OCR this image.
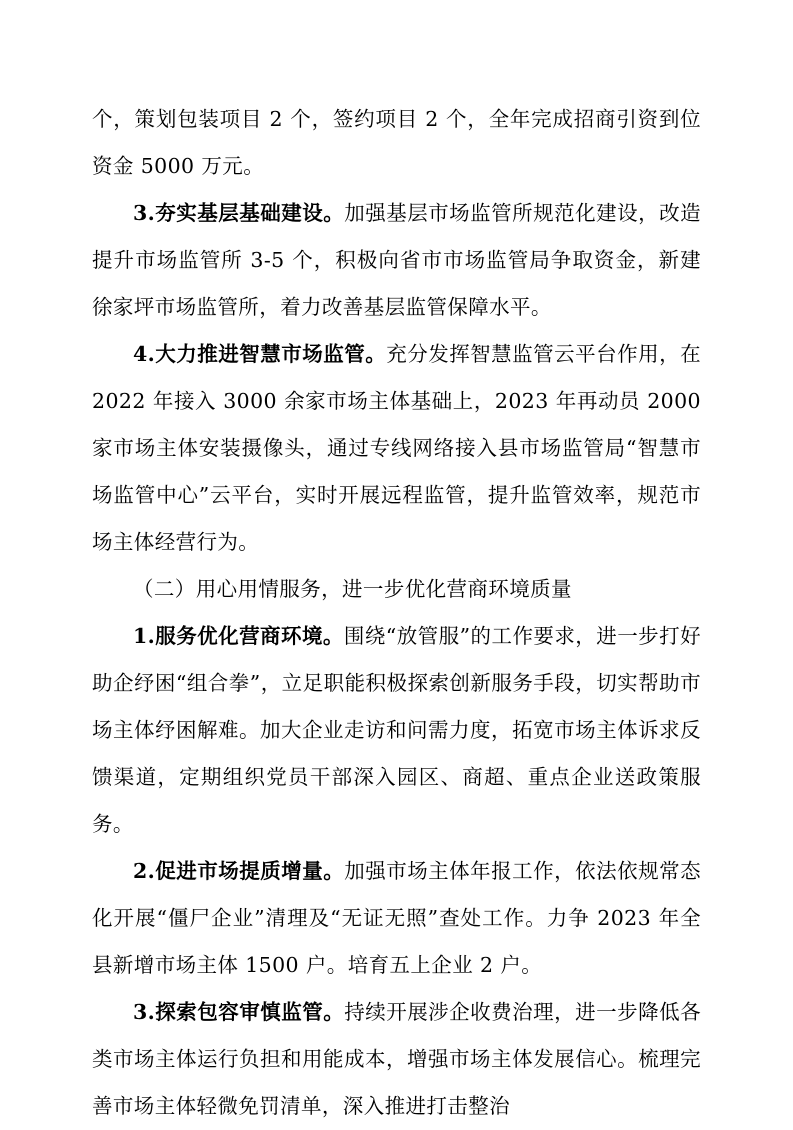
个，策划包装项目 2 个，签约项目 2 个，全年完成招商引资到位资金 5000 万元。

3.夯实基层基础建设。加强基层市场监管所规范化建设，改造提升市场监管所 3-5 个，积极向省市市场监管局争取资金，新建徐家坪市场监管所，着力改善基层监管保障水平。

4.大力推进智慧市场监管。充分发挥智慧监管云平台作用，在 2022 年接入 3000 余家市场主体基础上，2023 年再动员 2000 家市场主体安装摄像头，通过专线网络接入县市场监管局“智慧市场监管中心”云平台，实时开展远程监管，提升监管效率，规范市场主体经营行为。

（二）用心用情服务，进一步优化营商环境质量

1.服务优化营商环境。围绕“放管服”的工作要求，进一步打好助企纾困“组合拳”，立足职能积极探索创新服务手段，切实帮助市场主体纾困解难。加大企业走访和问需力度，拓宽市场主体诉求反馈渠道，定期组织党员干部深入园区、商超、重点企业送政策服务。

2.促进市场提质增量。加强市场主体年报工作，依法依规常态化开展“僵尸企业”清理及“无证无照”查处工作。力争 2023 年全县新增市场主体 1500 户。培育五上企业 2 户。

3.探索包容审慎监管。持续开展涉企收费治理，进一步降低各类市场主体运行负担和用能成本，增强市场主体发展信心。梳理完善市场主体轻微免罚清单，深入推进打击整治
